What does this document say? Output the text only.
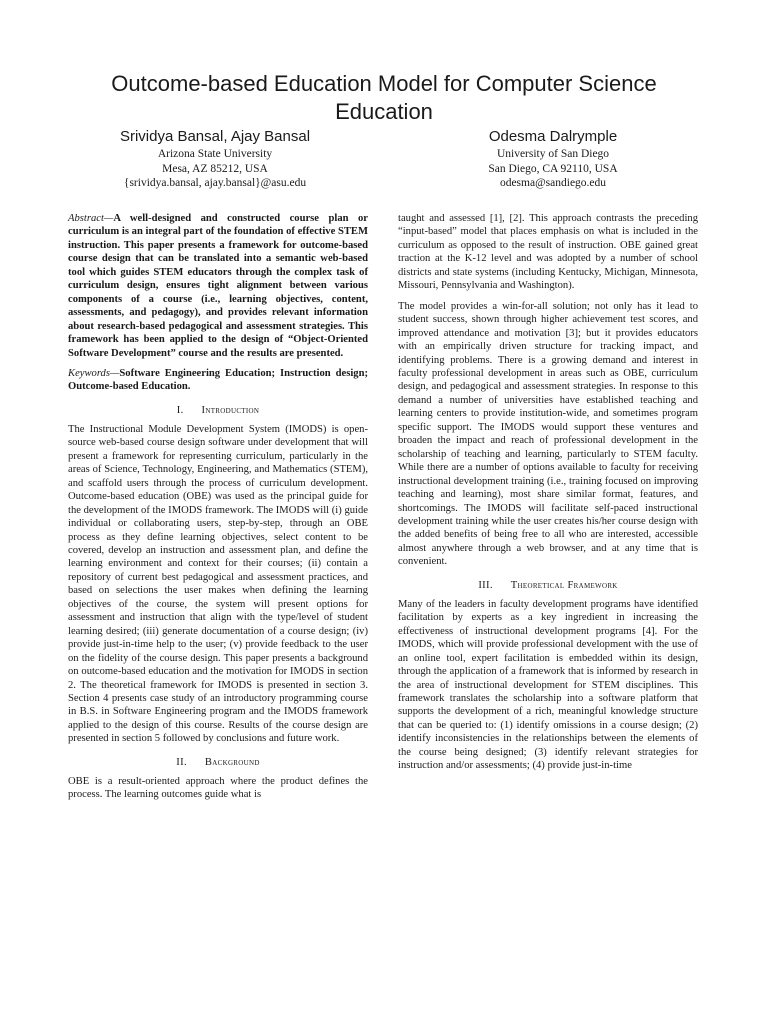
Outcome-based Education Model for Computer Science Education
Srividya Bansal, Ajay Bansal
Arizona State University
Mesa, AZ 85212, USA
{srividya.bansal, ajay.bansal}@asu.edu
Odesma Dalrymple
University of San Diego
San Diego, CA 92110, USA
odesma@sandiego.edu

Abstract—A well-designed and constructed course plan or curriculum is an integral part of the foundation of effective STEM instruction. This paper presents a framework for outcome-based course design that can be translated into a semantic web-based tool which guides STEM educators through the complex task of curriculum design, ensures tight alignment between various components of a course (i.e., learning objectives, content, assessments, and pedagogy), and provides relevant information about research-based pedagogical and assessment strategies. This framework has been applied to the design of “Object-Oriented Software Development” course and the results are presented.

Keywords—Software Engineering Education; Instruction design; Outcome-based Education.

I. Introduction

The Instructional Module Development System (IMODS) is open-source web-based course design software under development that will present a framework for representing curriculum, particularly in the areas of Science, Technology, Engineering, and Mathematics (STEM), and scaffold users through the process of curriculum development. Outcome-based education (OBE) was used as the principal guide for the development of the IMODS framework. The IMODS will (i) guide individual or collaborating users, step-by-step, through an OBE process as they define learning objectives, select content to be covered, develop an instruction and assessment plan, and define the learning environment and context for their courses; (ii) contain a repository of current best pedagogical and assessment practices, and based on selections the user makes when defining the learning objectives of the course, the system will present options for assessment and instruction that align with the type/level of student learning desired; (iii) generate documentation of a course design; (iv) provide just-in-time help to the user; (v) provide feedback to the user on the fidelity of the course design. This paper presents a background on outcome-based education and the motivation for IMODS in section 2. The theoretical framework for IMODS is presented in section 3. Section 4 presents case study of an introductory programming course in B.S. in Software Engineering program and the IMODS framework applied to the design of this course. Results of the course design are presented in section 5 followed by conclusions and future work.

II. Background

OBE is a result-oriented approach where the product defines the process. The learning outcomes guide what is

taught and assessed [1], [2]. This approach contrasts the preceding “input-based” model that places emphasis on what is included in the curriculum as opposed to the result of instruction. OBE gained great traction at the K-12 level and was adopted by a number of school districts and state systems (including Kentucky, Michigan, Minnesota, Missouri, Pennsylvania and Washington).

The model provides a win-for-all solution; not only has it lead to student success, shown through higher achievement test scores, and improved attendance and motivation [3]; but it provides educators with an empirically driven structure for tracking impact, and identifying problems. There is a growing demand and interest in faculty professional development in areas such as OBE, curriculum design, and pedagogical and assessment strategies. In response to this demand a number of universities have established teaching and learning centers to provide institution-wide, and sometimes program specific support. The IMODS would support these ventures and broaden the impact and reach of professional development in the scholarship of teaching and learning, particularly to STEM faculty. While there are a number of options available to faculty for receiving instructional development training (i.e., training focused on improving teaching and learning), most share similar format, features, and shortcomings. The IMODS will facilitate self-paced instructional development training while the user creates his/her course design with the added benefits of being free to all who are interested, accessible almost anywhere through a web browser, and at any time that is convenient.

III. Theoretical Framework

Many of the leaders in faculty development programs have identified facilitation by experts as a key ingredient in increasing the effectiveness of instructional development programs [4]. For the IMODS, which will provide professional development with the use of an online tool, expert facilitation is embedded within its design, through the application of a framework that is informed by research in the area of instructional development for STEM disciplines. This framework translates the scholarship into a software platform that supports the development of a rich, meaningful knowledge structure that can be queried to: (1) identify omissions in a course design; (2) identify inconsistencies in the relationships between the elements of the course being designed; (3) identify relevant strategies for instruction and/or assessments; (4) provide just-in-time
